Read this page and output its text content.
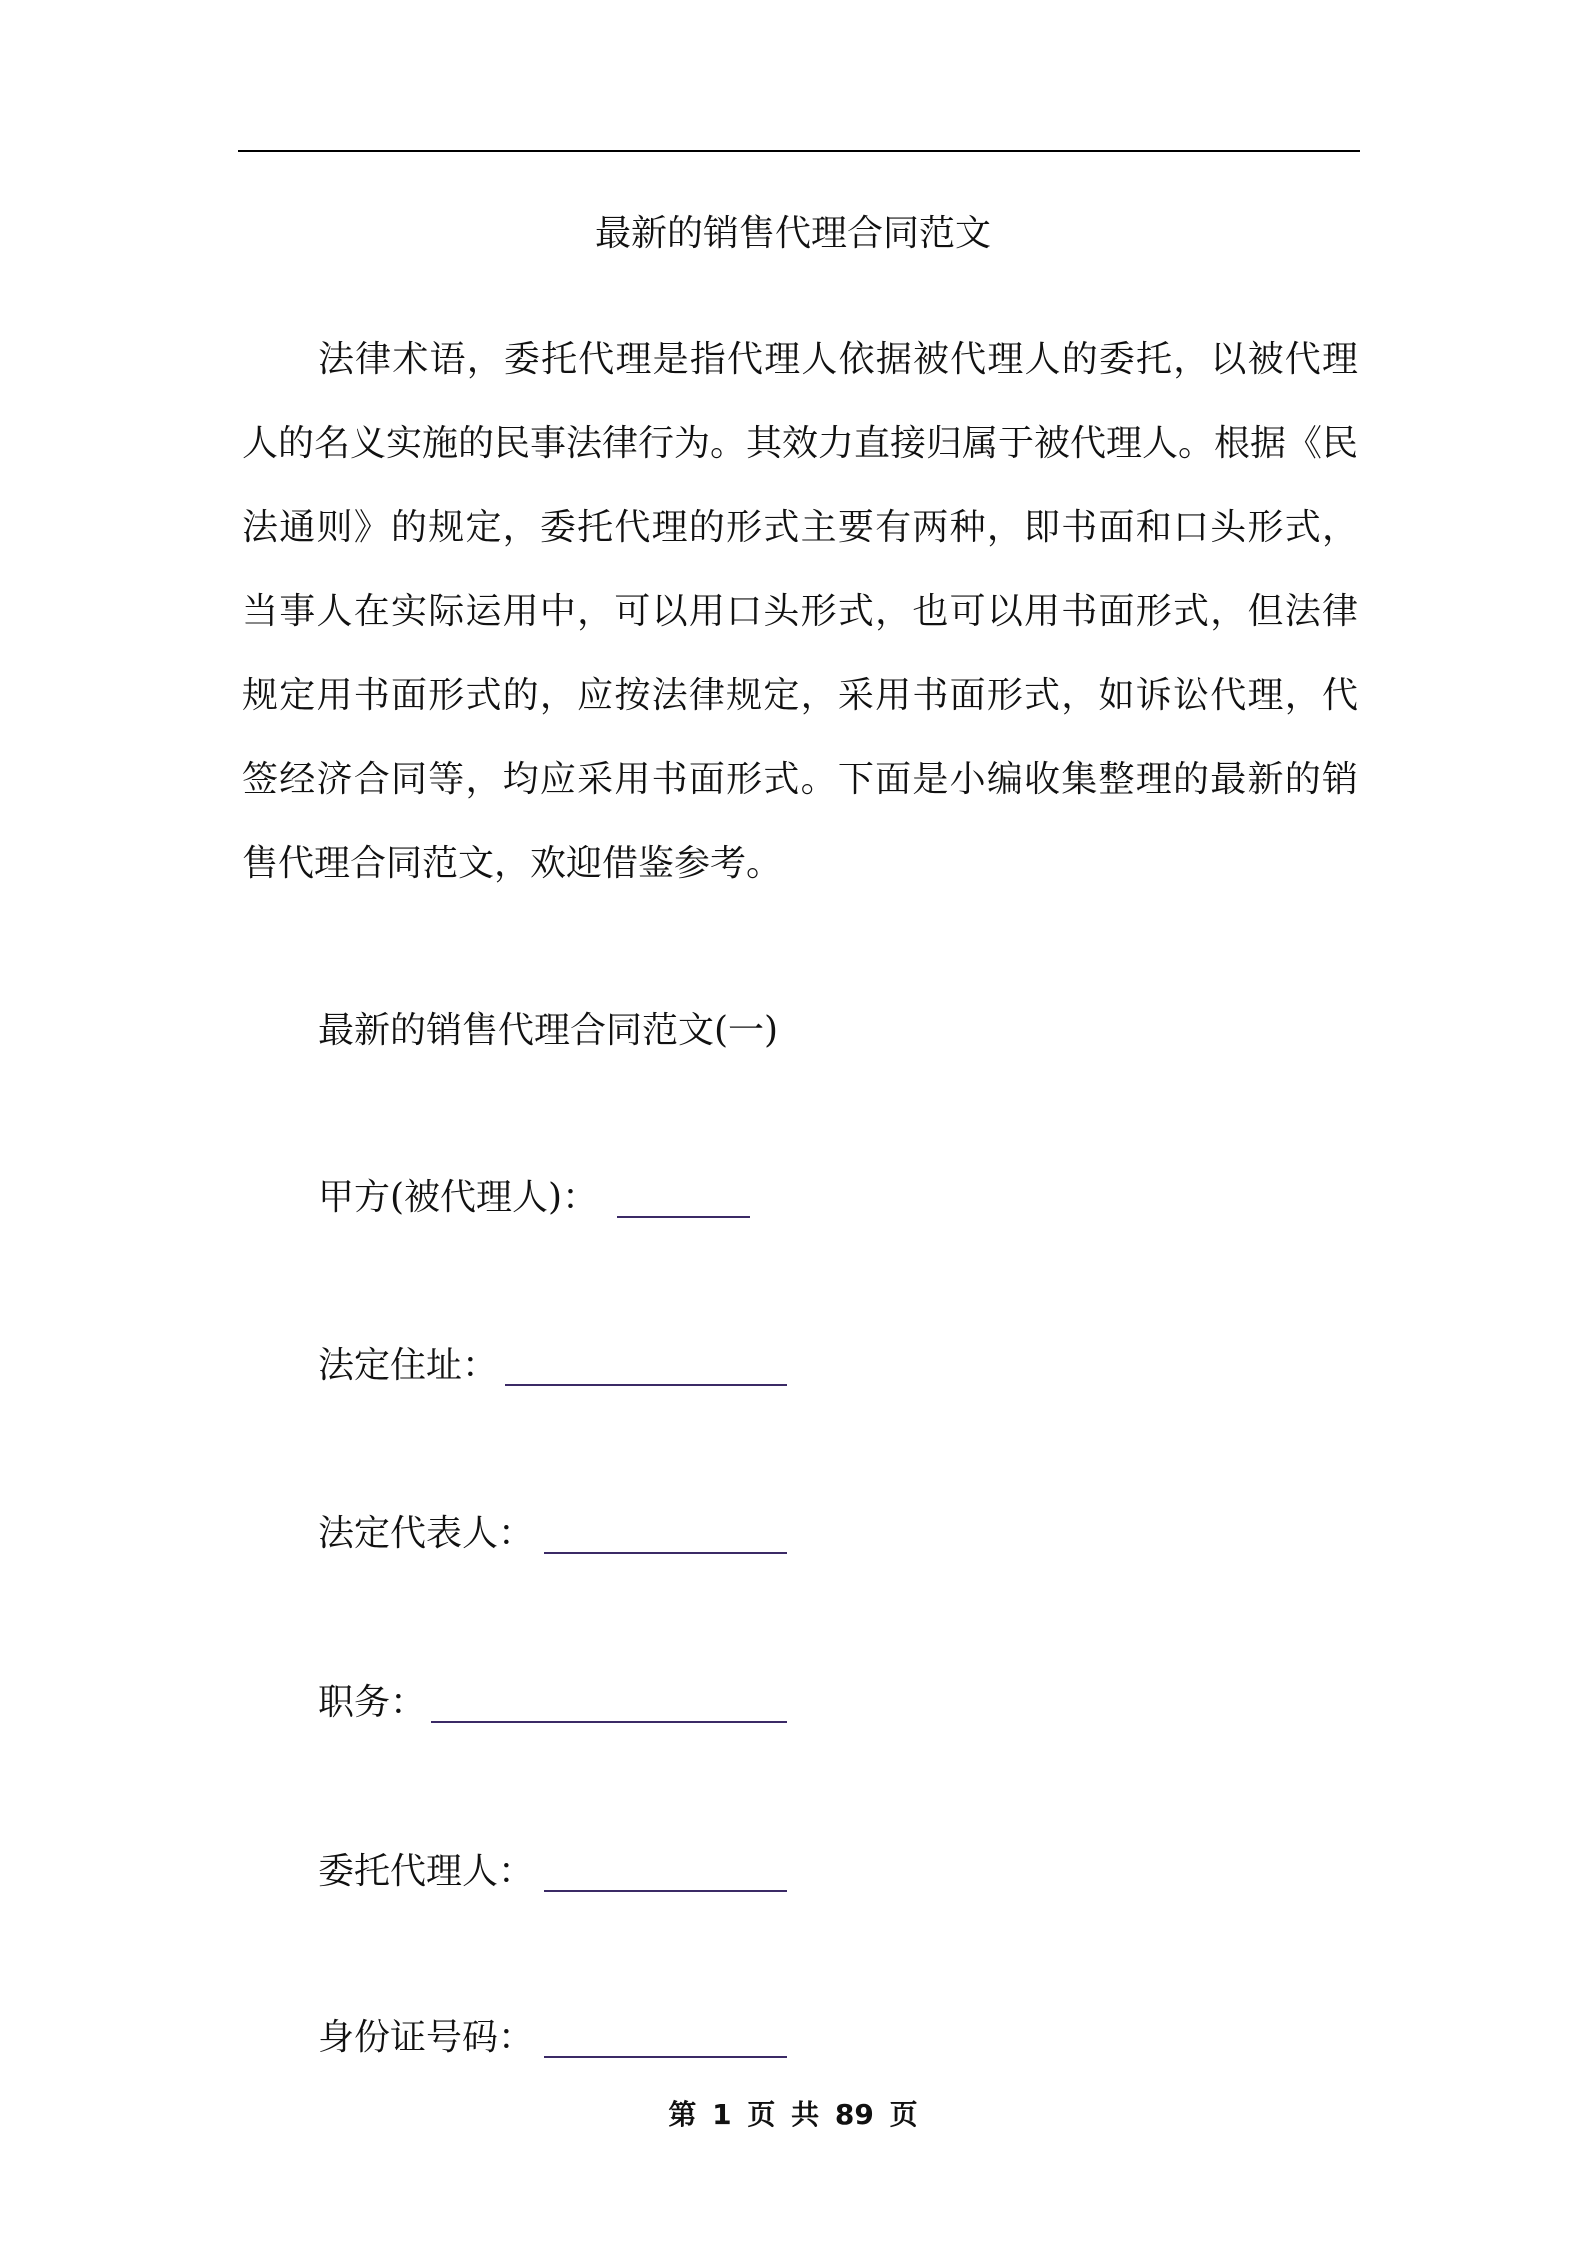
最新的销售代理合同范文
法律术语，委托代理是指代理人依据被代理人的委托，以被代理
人的名义实施的民事法律行为。其效力直接归属于被代理人。根据《民
法通则》的规定，委托代理的形式主要有两种，即书面和口头形式，
当事人在实际运用中，可以用口头形式，也可以用书面形式，但法律
规定用书面形式的，应按法律规定，采用书面形式，如诉讼代理，代
签经济合同等，均应采用书面形式。下面是小编收集整理的最新的销
售代理合同范文，欢迎借鉴参考。
最新的销售代理合同范文(一)
甲方(被代理人)：
法定住址：
法定代表人：
职务：
委托代理人：
身份证号码：
第 1 页 共 89 页
